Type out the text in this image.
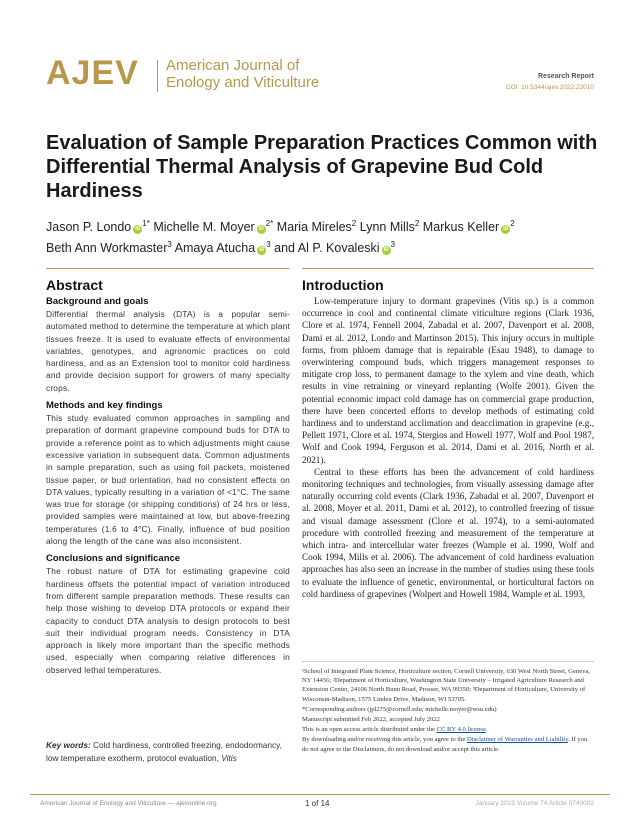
AJEV American Journal of
Enology and Viticulture	Research Report
DOI: 10.5344/ajev.2022.22010
Evaluation of Sample Preparation Practices Common with Differential Thermal Analysis of Grapevine Bud Cold Hardiness
Jason P. Londo $iD^{1*}$ Michelle M. Moyer $iD^{2*}$ Maria Mireles$^2$ Lynn Mills$^2$ Markus Keller $iD^2$
Beth Ann Workmaster$^3$ Amaya Atucha $iD^3$ and Al P. Kovaleski $iD^3$
Abstract
Background and goals

Differential thermal analysis (DTA) is a popular semi-automated method to determine the temperature at which plant tissues freeze. It is used to evaluate effects of environmental variables, genotypes, and agronomic practices on cold hardiness, and as an Extension tool to monitor cold hardiness and provide decision support for growers of many specialty crops.

Methods and key findings

This study evaluated common approaches in sampling and preparation of dormant grapevine compound buds for DTA to provide a reference point as to which adjustments might cause excessive variation in subsequent data. Common adjustments in sample preparation, such as using foil packets, moistened tissue paper, or bud orientation, had no consistent effects on DTA values, typically resulting in a variation of <1°C. The same was true for storage (or shipping conditions) of 24 hrs or less, provided samples were maintained at low, but above-freezing temperatures (1.6 to 4°C). Finally, influence of bud position along the length of the cane was also inconsistent.

Conclusions and significance

The robust nature of DTA for estimating grapevine cold hardiness offsets the potential impact of variation introduced from different sample preparation methods. These results can help those wishing to develop DTA protocols or expand their capacity to conduct DTA analysis to design protocols to best suit their individual program needs. Consistency in DTA approach is likely more important than the specific methods used, especially when comparing relative differences in observed lethal temperatures.

Key words: Cold hardiness, controlled freezing, endodormancy, low temperature exotherm, protocol evaluation, Vitis
Introduction

Low-temperature injury to dormant grapevines (Vitis sp.) is a common occurrence in cool and continental climate viticulture regions (Clark 1936, Clore et al. 1974, Fennell 2004, Zabadal et al. 2007, Davenport et al. 2008, Dami et al. 2012, Londo and Martinson 2015). This injury occurs in multiple forms, from phloem damage that is repairable (Esau 1948), to damage to overwintering compound buds, which triggers management responses to mitigate crop loss, to permanent damage to the xylem and vine death, which results in vine retraining or vineyard replanting (Wolfe 2001). Given the potential economic impact cold damage has on commercial grape production, there have been concerted efforts to develop methods of estimating cold hardiness and to understand acclimation and deacclimation in grapevine (e.g., Pellett 1971, Clore et al. 1974, Stergios and Howell 1977, Wolf and Pool 1987, Wolf and Cook 1994, Ferguson et al. 2014, Dami et al. 2016, North et al. 2021).

Central to these efforts has been the advancement of cold hardiness monitoring techniques and technologies, from visually assessing damage after naturally occurring cold events (Clark 1936, Zabadal et al. 2007, Davenport et al. 2008, Moyer et al. 2011, Dami et al. 2012), to controlled freezing of tissue and visual damage assessment (Clore et al. 1974), to a semi-automated procedure with controlled freezing and measurement of the temperature at which intra- and intercellular water freezes (Wample et al. 1990, Wolf and Cook 1994, Mills et al. 2006). The advancement of cold hardiness evaluation approaches has also seen an increase in the number of studies using these tools to evaluate the influence of genetic, environmental, or horticultural factors on cold hardiness of grapevines (Wolpert and Howell 1984, Wample et al. 1993,

¹School of Integrated Plant Science, Horticulture section, Cornell University, 630 West North Street, Geneva, NY 14456; ²Department of Horticulture, Washington State University – Irrigated Agriculture Research and Extension Center, 24106 North Bunn Road, Prosser, WA 99350; ³Department of Horticulture, University of Wisconsin-Madison, 1575 Linden Drive, Madison, WI 53705.

*Corresponding authors (jpl275@cornell.edu; michelle.moyer@wsu.edu)

Manuscript submitted Feb 2022, accepted July 2022

This is an open access article distributed under the CC BY 4.0 license.

By downloading and/or receiving this article, you agree to the Disclaimer of Warranties and Liability. If you do not agree to the Disclaimers, do not download and/or accept this article.

American Journal of Enology and Viticulture — ajevonline.org	1 of 14	January 2023 Volume 74 Article 0740002
